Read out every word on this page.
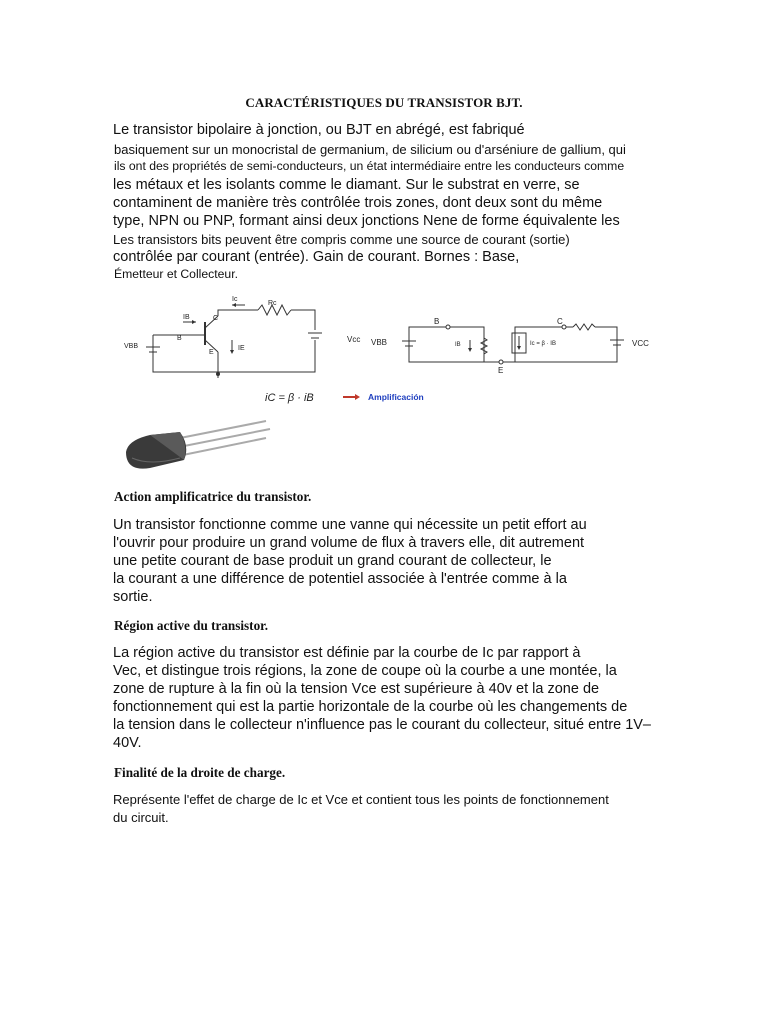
CARACTÉRISTIQUES DU TRANSISTOR BJT.
Le transistor bipolaire à jonction, ou BJT en abrégé, est fabriqué
basiquement sur un monocristal de germanium, de silicium ou d'arséniure de gallium, qui
ils ont des propriétés de semi-conducteurs, un état intermédiaire entre les conducteurs comme
les métaux et les isolants comme le diamant. Sur le substrat en verre, se
contaminent de manière très contrôlée trois zones, dont deux sont du même
type, NPN ou PNP, formant ainsi deux jonctions Nene de forme équivalente les
Les transistors bits peuvent être compris comme une source de courant (sortie)
contrôlée par courant (entrée). Gain de courant. Bornes : Base,
Émetteur et Collecteur.
C
B
E
Rc
Ic
IB
IE
VBB
Vcc VBB
B	C
E
VCC
IB	Ic = β · IB
iC = β · iB	Amplificación
Action amplificatrice du transistor.
Un transistor fonctionne comme une vanne qui nécessite un petit effort au
l'ouvrir pour produire un grand volume de flux à travers elle, dit autrement
une petite courant de base produit un grand courant de collecteur, le
la courant a une différence de potentiel associée à l'entrée comme à la
sortie.
Région active du transistor.
La région active du transistor est définie par la courbe de Ic par rapport à
Vec, et distingue trois régions, la zone de coupe où la courbe a une montée, la
zone de rupture à la fin où la tension Vce est supérieure à 40v et la zone de
fonctionnement qui est la partie horizontale de la courbe où les changements de
la tension dans le collecteur n'influence pas le courant du collecteur, situé entre 1V–
40V.
Finalité de la droite de charge.
Représente l'effet de charge de Ic et Vce et contient tous les points de fonctionnement
du circuit.
